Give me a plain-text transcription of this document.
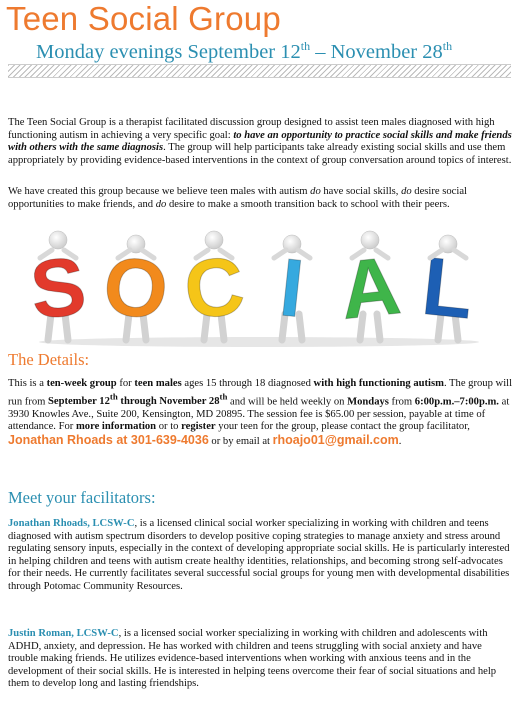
Teen Social Group
Monday evenings September 12th – November 28th
The Teen Social Group is a therapist facilitated discussion group designed to assist teen males diagnosed with high functioning autism in achieving a very specific goal: to have an opportunity to practice social skills and make friends with others with the same diagnosis. The group will help participants take already existing social skills and use them appropriately by providing evidence-based interventions in the context of group conversation around topics of interest.
We have created this group because we believe teen males with autism do have social skills, do desire social opportunities to make friends, and do desire to make a smooth transition back to school with their peers.
S O C I A L
The Details:
This is a ten-week group for teen males ages 15 through 18 diagnosed with high functioning autism. The group will run from September 12th through November 28th and will be held weekly on Mondays from 6:00p.m.–7:00p.m. at 3930 Knowles Ave., Suite 200, Kensington, MD 20895. The session fee is $65.00 per session, payable at time of attendance. For more information or to register your teen for the group, please contact the group facilitator, Jonathan Rhoads at 301-639-4036 or by email at rhoajo01@gmail.com.
Meet your facilitators:
Jonathan Rhoads, LCSW-C, is a licensed clinical social worker specializing in working with children and teens diagnosed with autism spectrum disorders to develop positive coping strategies to manage anxiety and stress around regulating sensory inputs, especially in the context of developing appropriate social skills. He is particularly interested in helping children and teens with autism create healthy identities, relationships, and becoming strong self-advocates for their needs. He currently facilitates several successful social groups for young men with developmental disabilities through Potomac Community Resources.
Justin Roman, LCSW-C, is a licensed social worker specializing in working with children and adolescents with ADHD, anxiety, and depression. He has worked with children and teens struggling with social anxiety and have trouble making friends. He utilizes evidence-based interventions when working with anxious teens and in the development of their social skills. He is interested in helping teens overcome their fear of social situations and help them to develop long and lasting friendships.
